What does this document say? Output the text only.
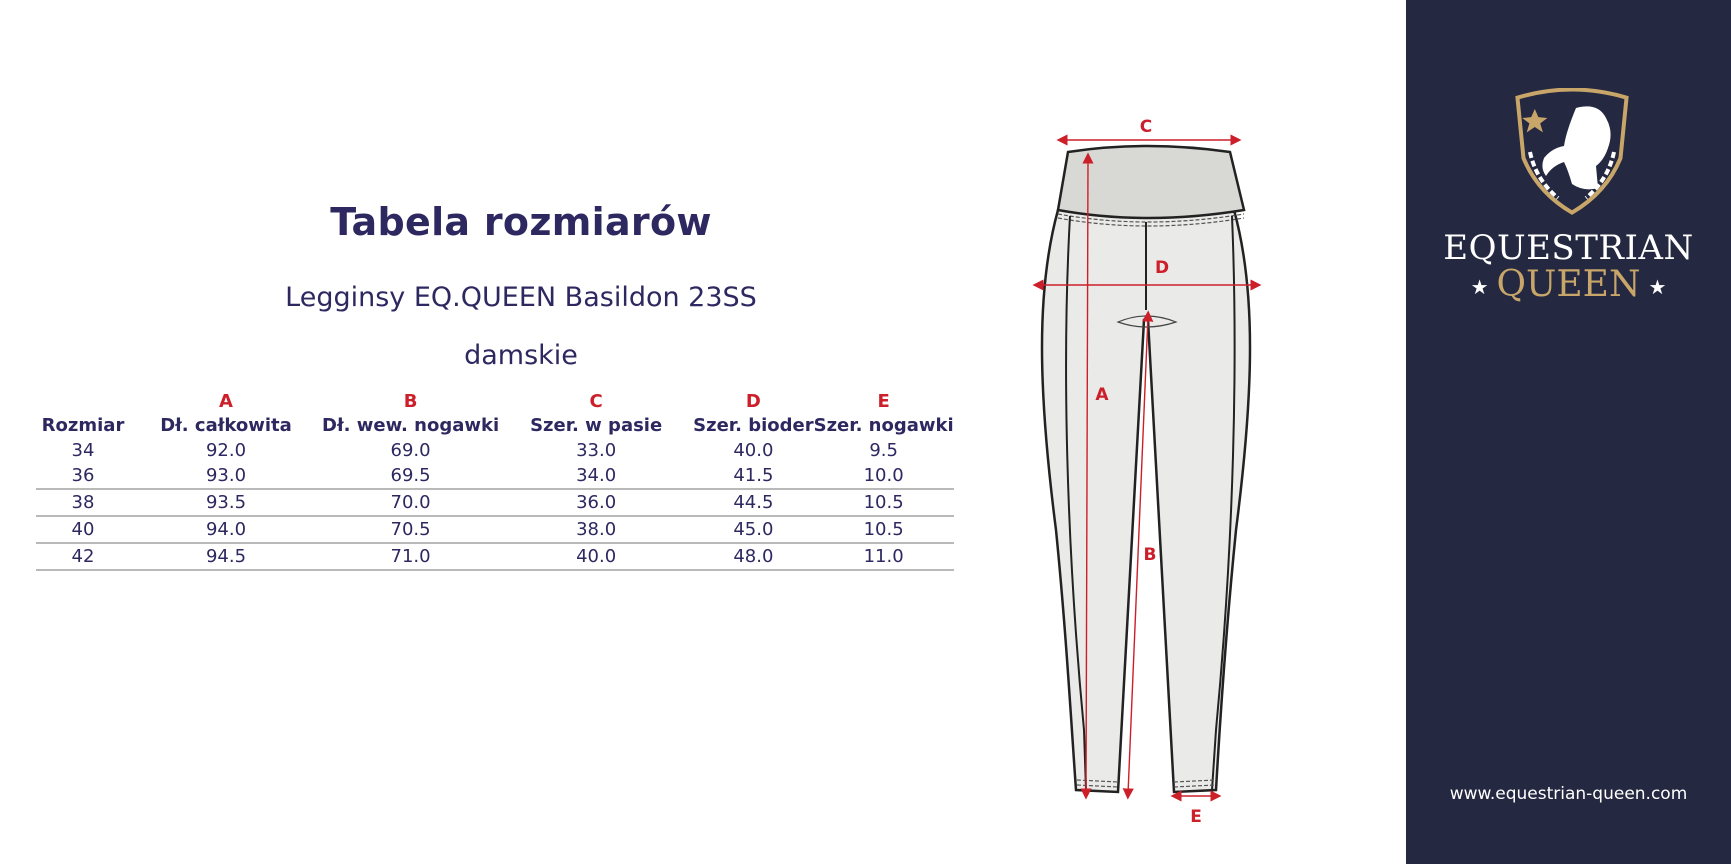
Tabela rozmiarów
Legginsy EQ.QUEEN Basildon 23SS
damskie
	A	B	C	D	E
Rozmiar	Dł. całkowita	Dł. wew. nogawki	Szer. w pasie	Szer. bioder	Szer. nogawki
34	92.0	69.0	33.0	40.0	9.5
36	93.0	69.5	34.0	41.5	10.0
38	93.5	70.0	36.0	44.5	10.5
40	94.0	70.5	38.0	45.0	10.5
42	94.5	71.0	40.0	48.0	11.0
C
D
A
B
E
EQUESTRIAN
★ QUEEN ★
www.equestrian-queen.com
